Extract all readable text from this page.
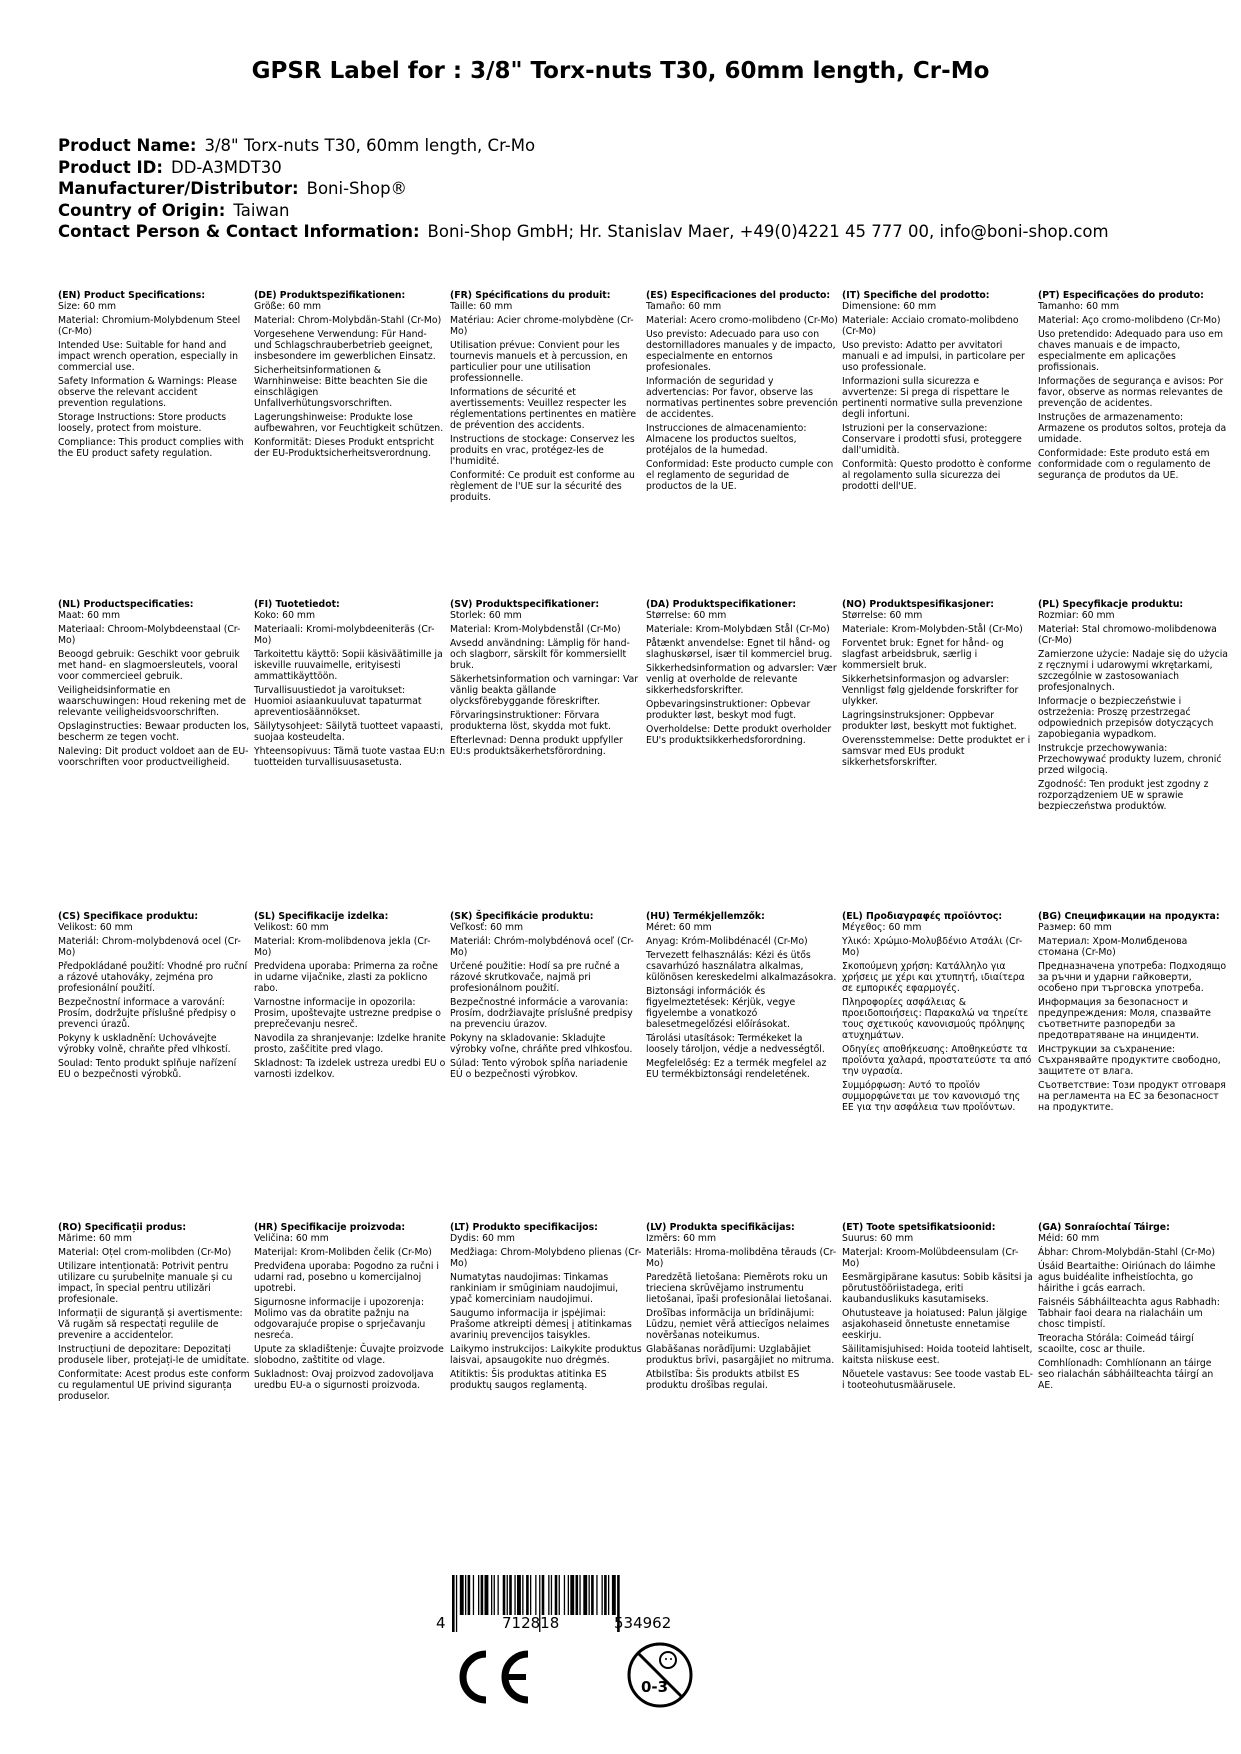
GPSR Label for : 3/8" Torx-nuts T30, 60mm length, Cr-Mo
Product Name: 3/8" Torx-nuts T30, 60mm length, Cr-Mo
Product ID: DD-A3MDT30
Manufacturer/Distributor: Boni-Shop®
Country of Origin: Taiwan
Contact Person & Contact Information: Boni-Shop GmbH; Hr. Stanislav Maer, +49(0)4221 45 777 00, info@boni-shop.com
(EN) Product Specifications:
Size: 60 mm
Material: Chromium-Molybdenum Steel (Cr-Mo)
Intended Use: Suitable for hand and impact wrench operation, especially in commercial use.
Safety Information & Warnings: Please observe the relevant accident prevention regulations.
Storage Instructions: Store products loosely, protect from moisture.
Compliance: This product complies with the EU product safety regulation.
(DE) Produktspezifikationen:
Größe: 60 mm
Material: Chrom-Molybdän-Stahl (Cr-Mo)
Vorgesehene Verwendung: Für Hand- und Schlagschrauberbetrieb geeignet, insbesondere im gewerblichen Einsatz.
Sicherheitsinformationen & Warnhinweise: Bitte beachten Sie die einschlägigen Unfallverhütungsvorschriften.
Lagerungshinweise: Produkte lose aufbewahren, vor Feuchtigkeit schützen.
Konformität: Dieses Produkt entspricht der EU-Produktsicherheitsverordnung.
(FR) Spécifications du produit:
Taille: 60 mm
Matériau: Acier chrome-molybdène (Cr-Mo)
Utilisation prévue: Convient pour les tournevis manuels et à percussion, en particulier pour une utilisation professionnelle.
Informations de sécurité et avertissements: Veuillez respecter les réglementations pertinentes en matière de prévention des accidents.
Instructions de stockage: Conservez les produits en vrac, protégez-les de l'humidité.
Conformité: Ce produit est conforme au règlement de l'UE sur la sécurité des produits.
(ES) Especificaciones del producto:
Tamaño: 60 mm
Material: Acero cromo-molibdeno (Cr-Mo)
Uso previsto: Adecuado para uso con destornilladores manuales y de impacto, especialmente en entornos profesionales.
Información de seguridad y advertencias: Por favor, observe las normativas pertinentes sobre prevención de accidentes.
Instrucciones de almacenamiento: Almacene los productos sueltos, protéjalos de la humedad.
Conformidad: Este producto cumple con el reglamento de seguridad de productos de la UE.
(IT) Specifiche del prodotto:
Dimensione: 60 mm
Materiale: Acciaio cromato-molibdeno (Cr-Mo)
Uso previsto: Adatto per avvitatori manuali e ad impulsi, in particolare per uso professionale.
Informazioni sulla sicurezza e avvertenze: Si prega di rispettare le pertinenti normative sulla prevenzione degli infortuni.
Istruzioni per la conservazione: Conservare i prodotti sfusi, proteggere dall'umidità.
Conformità: Questo prodotto è conforme al regolamento sulla sicurezza dei prodotti dell'UE.
(PT) Especificações do produto:
Tamanho: 60 mm
Material: Aço cromo-molibdeno (Cr-Mo)
Uso pretendido: Adequado para uso em chaves manuais e de impacto, especialmente em aplicações profissionais.
Informações de segurança e avisos: Por favor, observe as normas relevantes de prevenção de acidentes.
Instruções de armazenamento: Armazene os produtos soltos, proteja da umidade.
Conformidade: Este produto está em conformidade com o regulamento de segurança de produtos da UE.
(NL) Productspecificaties:
Maat: 60 mm
Materiaal: Chroom-Molybdeenstaal (Cr-Mo)
Beoogd gebruik: Geschikt voor gebruik met hand- en slagmoersleutels, vooral voor commercieel gebruik.
Veiligheidsinformatie en waarschuwingen: Houd rekening met de relevante veiligheidsvoorschriften.
Opslaginstructies: Bewaar producten los, bescherm ze tegen vocht.
Naleving: Dit product voldoet aan de EU-voorschriften voor productveiligheid.
(FI) Tuotetiedot:
Koko: 60 mm
Materiaali: Kromi-molybdeeniteräs (Cr-Mo)
Tarkoitettu käyttö: Sopii käsiväätimille ja iskeville ruuvaimelle, erityisesti ammattikäyttöön.
Turvallisuustiedot ja varoitukset: Huomioi asiaankuuluvat tapaturmat apreventiosäännökset.
Säilytysohjeet: Säilytä tuotteet vapaasti, suojaa kosteudelta.
Yhteensopivuus: Tämä tuote vastaa EU:n tuotteiden turvallisuusasetusta.
(SV) Produktspecifikationer:
Storlek: 60 mm
Material: Krom-Molybdenstål (Cr-Mo)
Avsedd användning: Lämplig för hand- och slagborr, särskilt för kommersiellt bruk.
Säkerhetsinformation och varningar: Var vänlig beakta gällande olycksförebyggande föreskrifter.
Förvaringsinstruktioner: Förvara produkterna löst, skydda mot fukt.
Efterlevnad: Denna produkt uppfyller EU:s produktsäkerhetsförordning.
(DA) Produktspecifikationer:
Størrelse: 60 mm
Materiale: Krom-Molybdæn Stål (Cr-Mo)
Påtænkt anvendelse: Egnet til hånd- og slaghuskørsel, især til kommerciel brug.
Sikkerhedsinformation og advarsler: Vær venlig at overholde de relevante sikkerhedsforskrifter.
Opbevaringsinstruktioner: Opbevar produkter løst, beskyt mod fugt.
Overholdelse: Dette produkt overholder EU's produktsikkerhedsforordning.
(NO) Produktspesifikasjoner:
Størrelse: 60 mm
Materiale: Krom-Molybden-Stål (Cr-Mo)
Forventet bruk: Egnet for hånd- og slagfast arbeidsbruk, særlig i kommersielt bruk.
Sikkerhetsinformasjon og advarsler: Vennligst følg gjeldende forskrifter for ulykker.
Lagringsinstruksjoner: Oppbevar produkter løst, beskytt mot fuktighet.
Overensstemmelse: Dette produktet er i samsvar med EUs produkt sikkerhetsforskrifter.
(PL) Specyfikacje produktu:
Rozmiar: 60 mm
Materiał: Stal chromowo-molibdenowa (Cr-Mo)
Zamierzone użycie: Nadaje się do użycia z ręcznymi i udarowymi wkrętarkami, szczególnie w zastosowaniach profesjonalnych.
Informacje o bezpieczeństwie i ostrzeżenia: Proszę przestrzegać odpowiednich przepisów dotyczących zapobiegania wypadkom.
Instrukcje przechowywania: Przechowywać produkty luzem, chronić przed wilgocią.
Zgodność: Ten produkt jest zgodny z rozporządzeniem UE w sprawie bezpieczeństwa produktów.
(CS) Specifikace produktu:
Velikost: 60 mm
Materiál: Chrom-molybdenová ocel (Cr-Mo)
Předpokládané použití: Vhodné pro ruční a rázové utahováky, zejména pro profesionální použití.
Bezpečnostní informace a varování: Prosím, dodržujte příslušné předpisy o prevenci úrazů.
Pokyny k uskladnění: Uchovávejte výrobky volně, chraňte před vlhkostí.
Soulad: Tento produkt splňuje nařízení EU o bezpečnosti výrobků.
(SL) Specifikacije izdelka:
Velikost: 60 mm
Material: Krom-molibdenova jekla (Cr-Mo)
Predvidena uporaba: Primerna za ročne in udarne vijačnike, zlasti za poklicno rabo.
Varnostne informacije in opozorila: Prosim, upoštevajte ustrezne predpise o preprečevanju nesreč.
Navodila za shranjevanje: Izdelke hranite prosto, zaščitite pred vlago.
Skladnost: Ta izdelek ustreza uredbi EU o varnosti izdelkov.
(SK) Špecifikácie produktu:
Veľkosť: 60 mm
Materiál: Chróm-molybdénová oceľ (Cr-Mo)
Určené použitie: Hodí sa pre ručné a rázové skrutkovače, najmä pri profesionálnom použití.
Bezpečnostné informácie a varovania: Prosím, dodržiavajte príslušné predpisy na prevenciu úrazov.
Pokyny na skladovanie: Skladujte výrobky voľne, chráňte pred vlhkosťou.
Súlad: Tento výrobok spĺňa nariadenie EÚ o bezpečnosti výrobkov.
(HU) Termékjellemzők:
Méret: 60 mm
Anyag: Króm-Molibdénacél (Cr-Mo)
Tervezett felhasználás: Kézi és ütős csavarhúzó használatra alkalmas, különösen kereskedelmi alkalmazásokra.
Biztonsági információk és figyelmeztetések: Kérjük, vegye figyelembe a vonatkozó balesetmegelőzési előírásokat.
Tárolási utasítások: Termékeket la loosely tároljon, védje a nedvességtől.
Megfelelőség: Ez a termék megfelel az EU termékbiztonsági rendeletének.
(EL) Προδιαγραφές προϊόντος:
Μέγεθος: 60 mm
Υλικό: Χρώμιο-Μολυβδένιο Ατσάλι (Cr-Mo)
Σκοπούμενη χρήση: Κατάλληλο για χρήσεις με χέρι και χτυπητή, ιδιαίτερα σε εμπορικές εφαρμογές.
Πληροφορίες ασφάλειας & προειδοποιήσεις: Παρακαλώ να τηρείτε τους σχετικούς κανονισμούς πρόληψης ατυχημάτων.
Οδηγίες αποθήκευσης: Αποθηκεύστε τα προϊόντα χαλαρά, προστατεύστε τα από την υγρασία.
Συμμόρφωση: Αυτό το προϊόν συμμορφώνεται με τον κανονισμό της ΕΕ για την ασφάλεια των προϊόντων.
(BG) Спецификации на продукта:
Размер: 60 mm
Материал: Хром-Молибденова стомана (Cr-Mo)
Предназначена употреба: Подходящо за ръчни и ударни гайковерти, особено при търговска употреба.
Информация за безопасност и предупреждения: Моля, спазвайте съответните разпоредби за предотвратяване на инциденти.
Инструкции за съхранение: Съхранявайте продуктите свободно, защитете от влага.
Съответствие: Този продукт отговаря на регламента на ЕС за безопасност на продуктите.
(RO) Specificații produs:
Mărime: 60 mm
Material: Oțel crom-molibden (Cr-Mo)
Utilizare intenționată: Potrivit pentru utilizare cu șurubelnițe manuale și cu impact, în special pentru utilizări profesionale.
Informații de siguranță și avertismente: Vă rugăm să respectați regulile de prevenire a accidentelor.
Instrucțiuni de depozitare: Depozitați produsele liber, protejați-le de umiditate.
Conformitate: Acest produs este conform cu regulamentul UE privind siguranța produselor.
(HR) Specifikacije proizvoda:
Veličina: 60 mm
Materijal: Krom-Molibden čelik (Cr-Mo)
Predviđena uporaba: Pogodno za ručni i udarni rad, posebno u komercijalnoj upotrebi.
Sigurnosne informacije i upozorenja: Molimo vas da obratite pažnju na odgovarajuće propise o sprječavanju nesreća.
Upute za skladištenje: Čuvajte proizvode slobodno, zaštitite od vlage.
Sukladnost: Ovaj proizvod zadovoljava uredbu EU-a o sigurnosti proizvoda.
(LT) Produkto specifikacijos:
Dydis: 60 mm
Medžiaga: Chrom-Molybdeno plienas (Cr-Mo)
Numatytas naudojimas: Tinkamas rankiniam ir smūginiam naudojimui, ypač komerciniam naudojimui.
Saugumo informacija ir įspėjimai: Prašome atkreipti dėmesį į atitinkamas avarinių prevencijos taisykles.
Laikymo instrukcijos: Laikykite produktus laisvai, apsaugokite nuo drėgmės.
Atitiktis: Šis produktas atitinka ES produktų saugos reglamentą.
(LV) Produkta specifikācijas:
Izmērs: 60 mm
Materiāls: Hroma-molibdēna tērauds (Cr-Mo)
Paredzētā lietošana: Piemērots roku un trieciena skrūvējamo instrumentu lietošanai, īpaši profesionālai lietošanai.
Drošības informācija un brīdinājumi: Lūdzu, ņemiet vērā attiecīgos nelaimes novēršanas noteikumus.
Glabāšanas norādījumi: Uzglabājiet produktus brīvi, pasargājiet no mitruma.
Atbilstība: Šis produkts atbilst ES produktu drošības regulai.
(ET) Toote spetsifikatsioonid:
Suurus: 60 mm
Materjal: Kroom-Molübdeensulam (Cr-Mo)
Eesmärgipärane kasutus: Sobib käsitsi ja põrutustööriistadega, eriti kaubanduslikuks kasutamiseks.
Ohutusteave ja hoiatused: Palun jälgige asjakohaseid õnnetuste ennetamise eeskirju.
Säilitamisjuhised: Hoida tooteid lahtiselt, kaitsta niiskuse eest.
Nõuetele vastavus: See toode vastab EL-i tooteohutusmäärusele.
(GA) Sonraíochtaí Táirge:
Méid: 60 mm
Ábhar: Chrom-Molybdän-Stahl (Cr-Mo)
Úsáid Beartaithe: Oiriúnach do láimhe agus buidéalite infheistíochta, go háirithe i gcás earrach.
Faisnéis Sábháilteachta agus Rabhadh: Tabhair faoi deara na rialacháin um chosc timpistí.
Treoracha Stórála: Coimeád táirgí scaoilte, cosc ar thuile.
Comhlíonadh: Comhlíonann an táirge seo rialachán sábháilteachta táirgí an AE.
4	712818	534962
0-3
